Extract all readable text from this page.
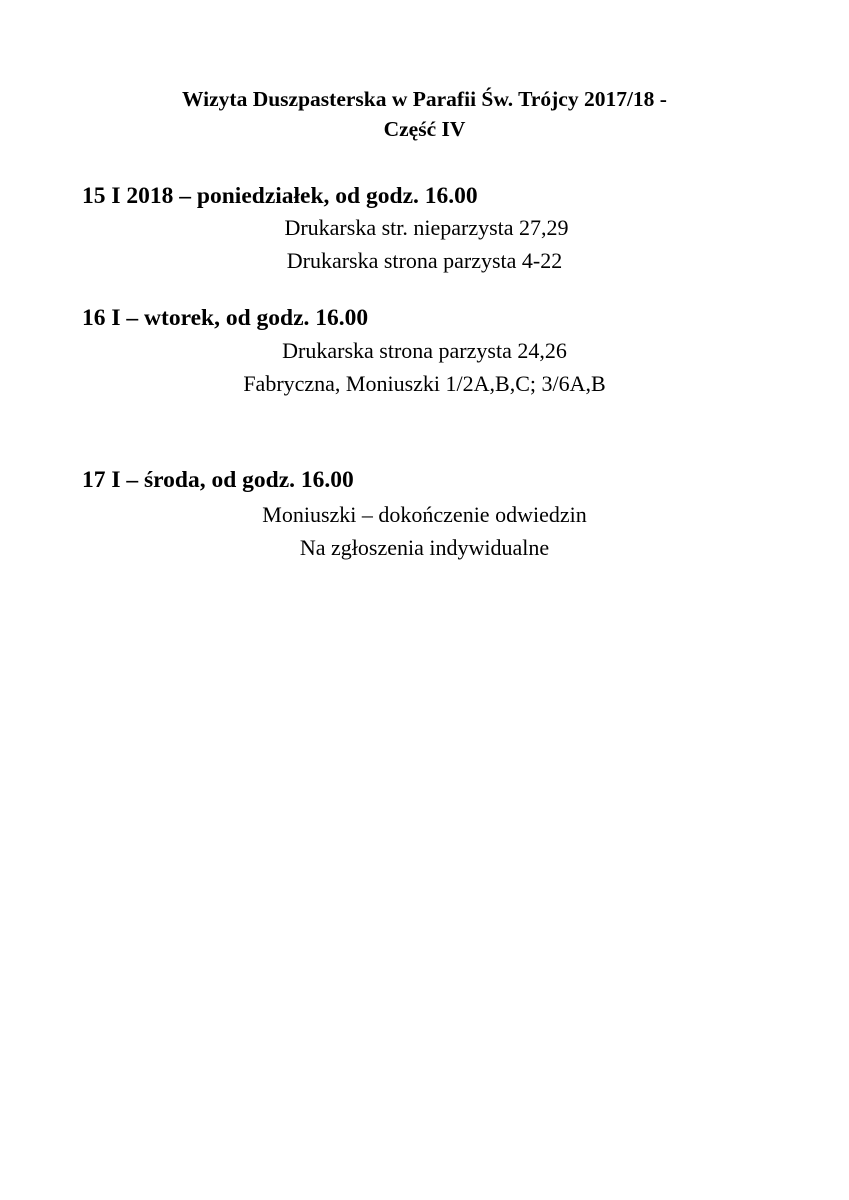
Wizyta Duszpasterska w Parafii Św. Trójcy 2017/18 -

Część IV

15 I 2018 – poniedziałek, od godz. 16.00

Drukarska str. nieparzysta 27,29

Drukarska strona parzysta 4-22

16 I – wtorek, od godz. 16.00

Drukarska strona parzysta 24,26

Fabryczna, Moniuszki 1/2A,B,C; 3/6A,B

17 I – środa, od godz. 16.00

Moniuszki – dokończenie odwiedzin

Na zgłoszenia indywidualne
